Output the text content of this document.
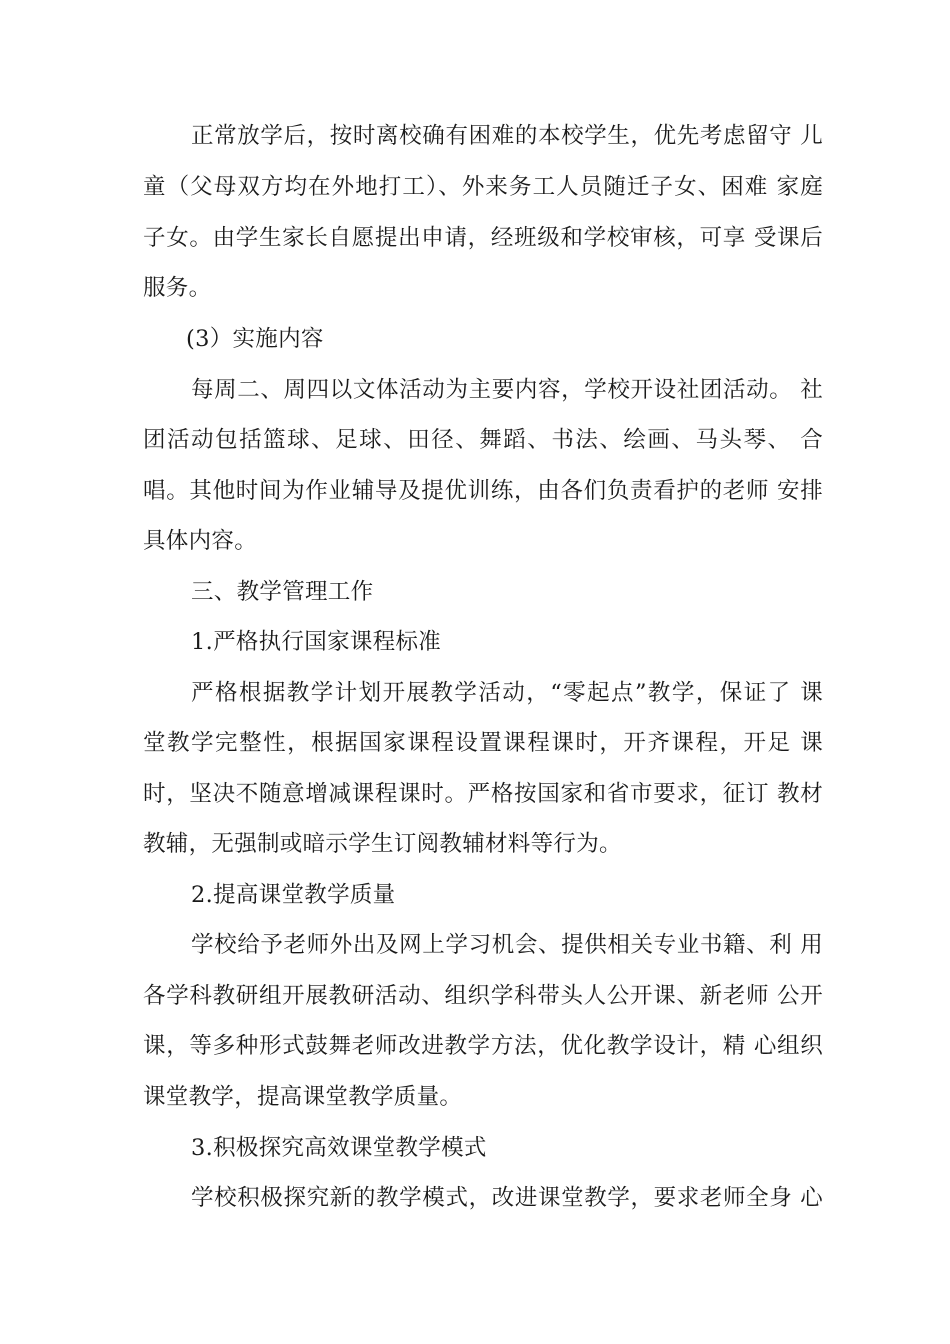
正常放学后，按时离校确有困难的本校学生，优先考虑留守 儿
童（父母双方均在外地打工）、外来务工人员随迁子女、困难 家庭
子女。由学生家长自愿提出申请，经班级和学校审核，可享 受课后
服务。
(3）实施内容
每周二、周四以文体活动为主要内容，学校开设社团活动。 社
团活动包括篮球、足球、田径、舞蹈、书法、绘画、马头琴、 合
唱。其他时间为作业辅导及提优训练，由各们负责看护的老师 安排
具体内容。
三、教学管理工作
1.严格执行国家课程标准
严格根据教学计划开展教学活动，“零起点”教学，保证了 课
堂教学完整性，根据国家课程设置课程课时，开齐课程，开足 课
时，坚决不随意增减课程课时。严格按国家和省市要求，征订 教材
教辅，无强制或暗示学生订阅教辅材料等行为。
2.提高课堂教学质量
学校给予老师外出及网上学习机会、提供相关专业书籍、利 用
各学科教研组开展教研活动、组织学科带头人公开课、新老师 公开
课，等多种形式鼓舞老师改进教学方法，优化教学设计，精 心组织
课堂教学，提高课堂教学质量。
3.积极探究高效课堂教学模式
学校积极探究新的教学模式，改进课堂教学，要求老师全身 心
